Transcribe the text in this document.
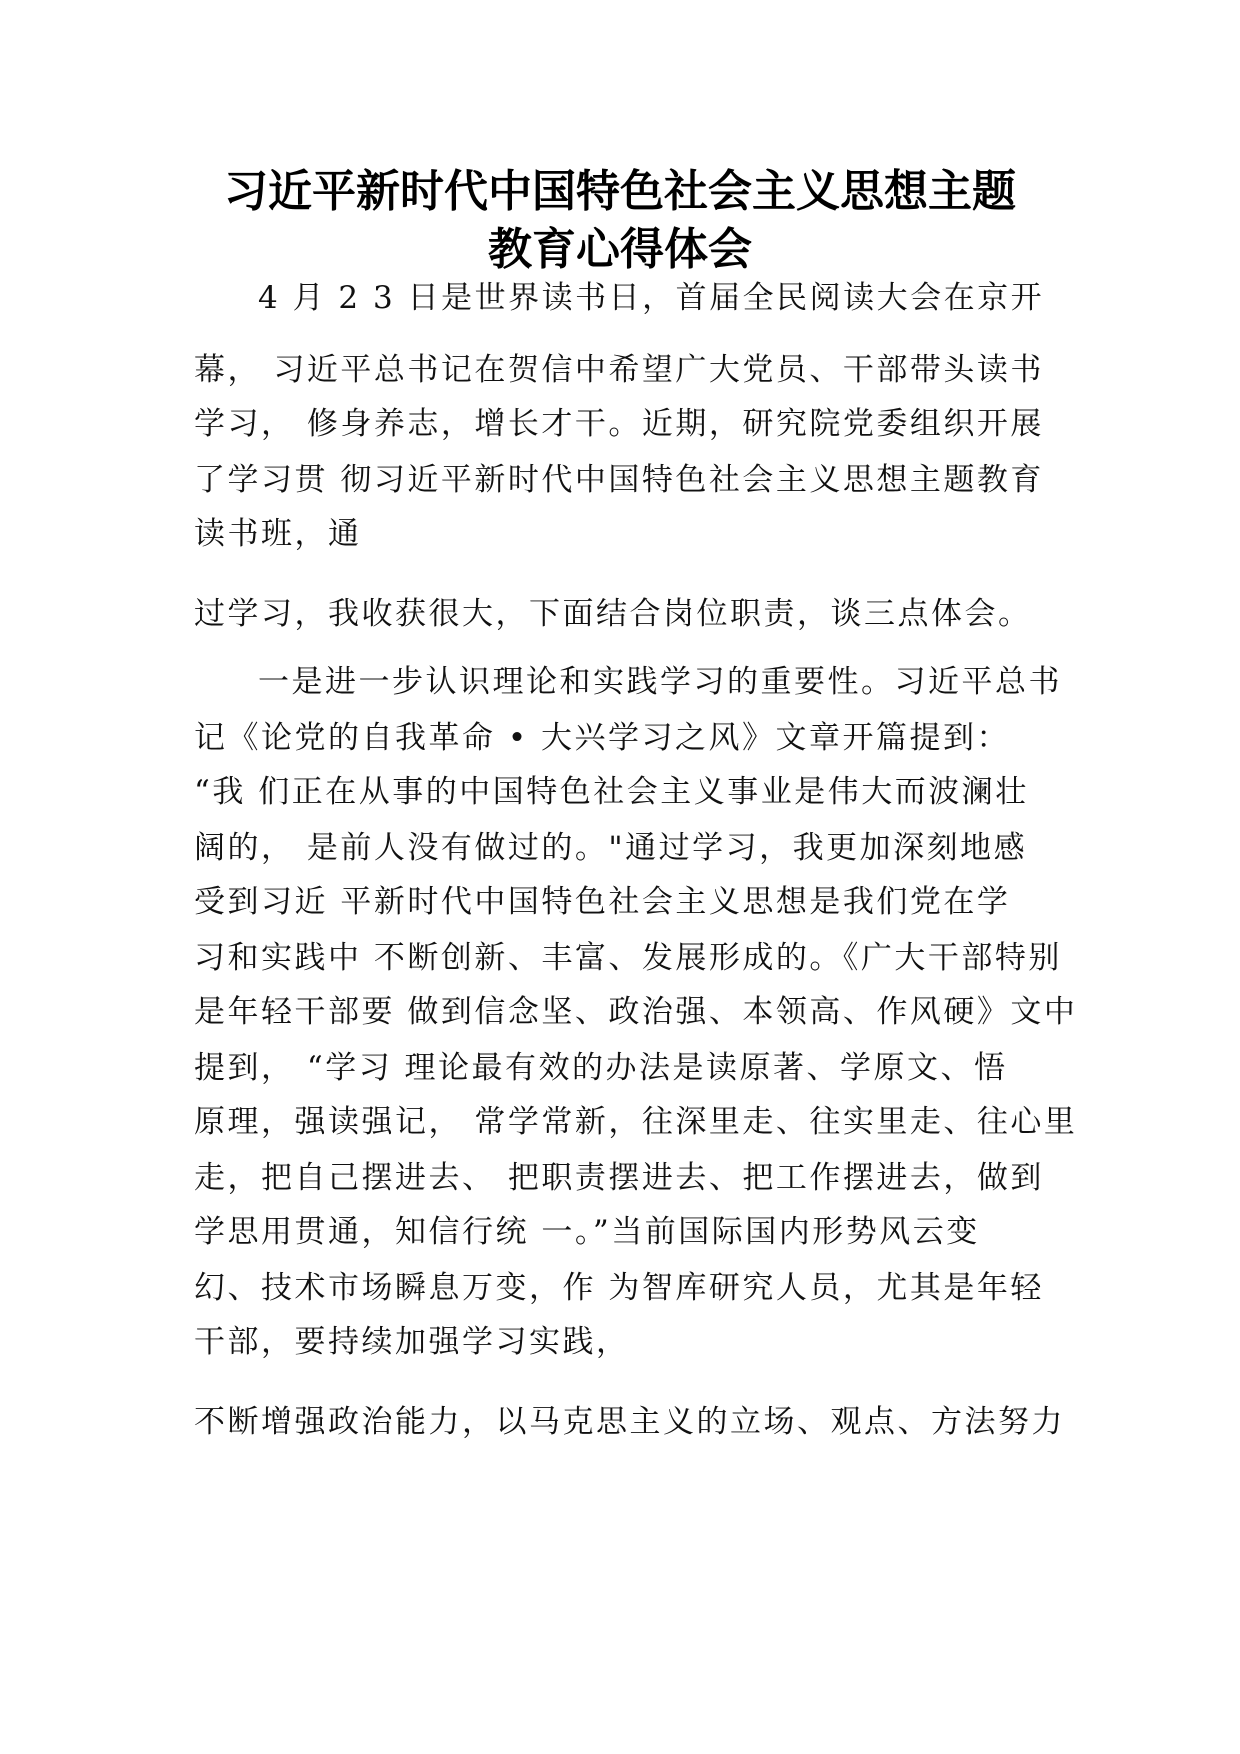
习近平新时代中国特色社会主义思想主题
教育心得体会
4 月 2 3 日是世界读书日，首届全民阅读大会在京开
幕， 习近平总书记在贺信中希望广大党员、干部带头读书
学习， 修身养志，增长才干。近期，研究院党委组织开展
了学习贯 彻习近平新时代中国特色社会主义思想主题教育
读书班，通
过学习，我收获很大，下面结合岗位职责，谈三点体会。
一是进一步认识理论和实践学习的重要性。习近平总书
记《论党的自我革命 • 大兴学习之风》文章开篇提到：
“我 们正在从事的中国特色社会主义事业是伟大而波澜壮
阔的， 是前人没有做过的。"通过学习，我更加深刻地感
受到习近 平新时代中国特色社会主义思想是我们党在学
习和实践中 不断创新、丰富、发展形成的。《广大干部特别
是年轻干部要 做到信念坚、政治强、本领高、作风硬》文中
提到， “学习 理论最有效的办法是读原著、学原文、悟
原理，强读强记， 常学常新，往深里走、往实里走、往心里
走，把自己摆进去、 把职责摆进去、把工作摆进去，做到
学思用贯通，知信行统 一。”当前国际国内形势风云变
幻、技术市场瞬息万变，作 为智库研究人员，尤其是年轻
干部，要持续加强学习实践，
不断增强政治能力，以马克思主义的立场、观点、方法努力
